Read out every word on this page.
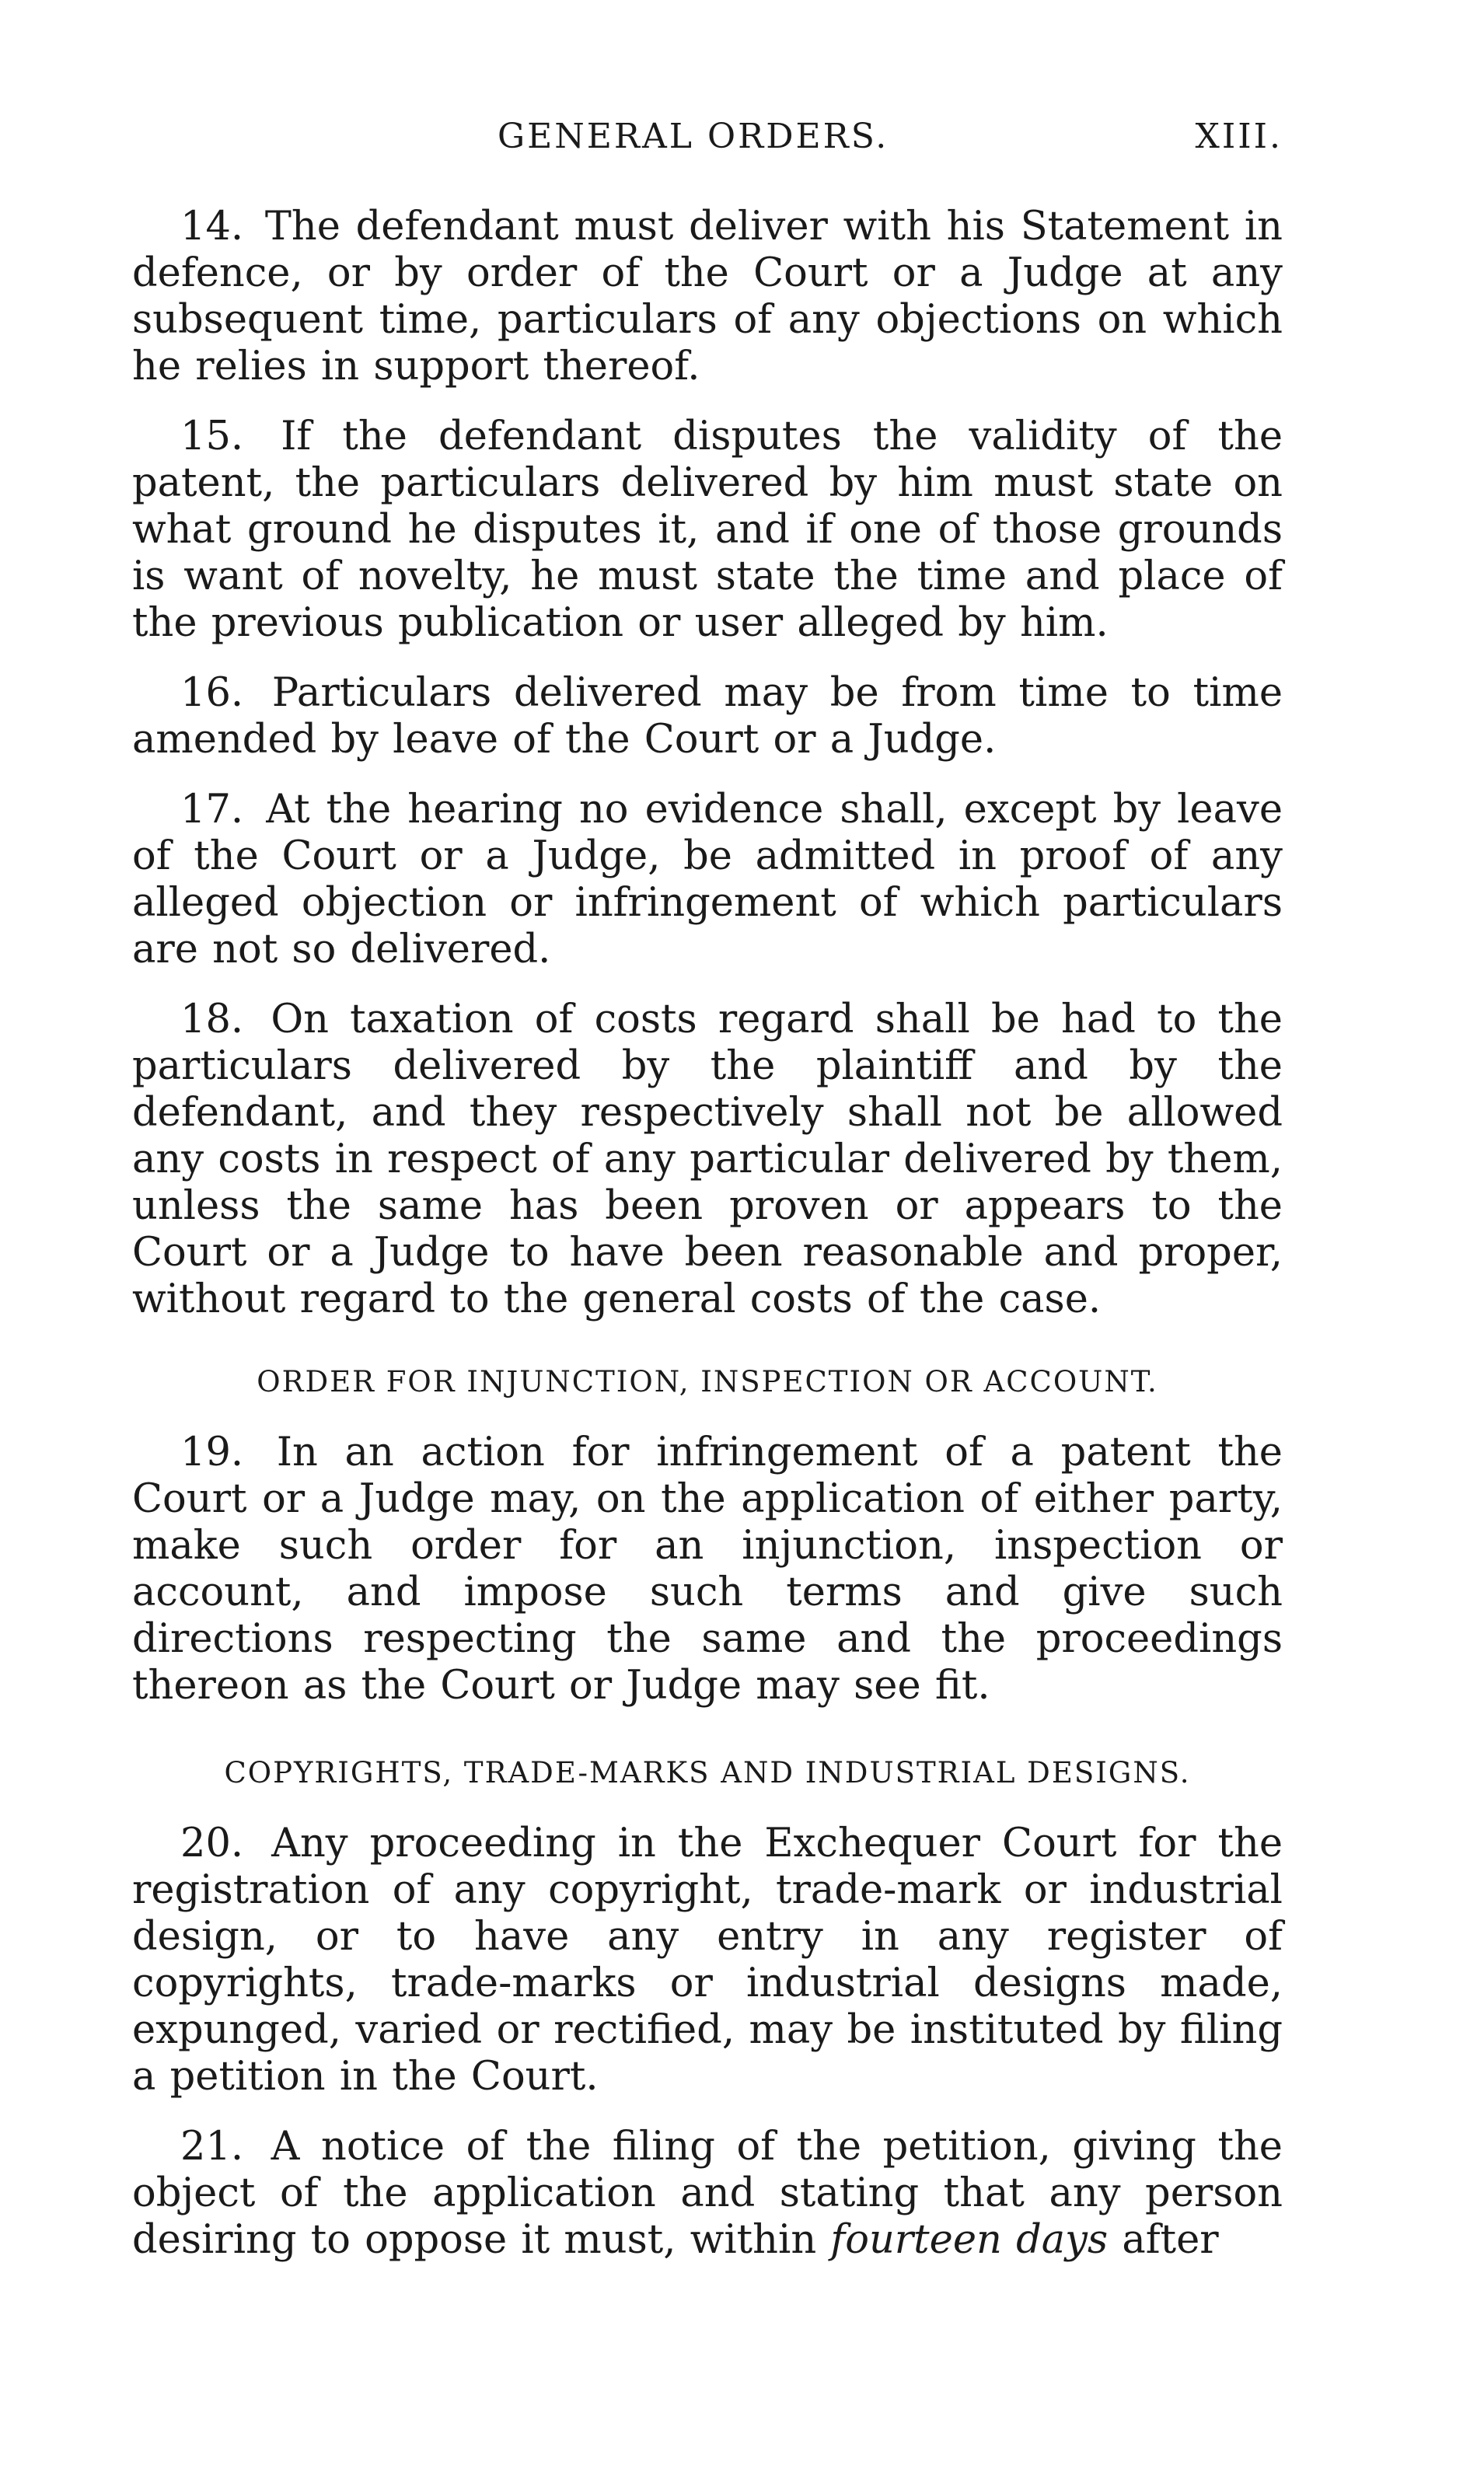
GENERAL ORDERS.	XIII.

14. The defendant must deliver with his Statement in defence, or by order of the Court or a Judge at any subsequent time, particulars of any objections on which he relies in support thereof.

15. If the defendant disputes the validity of the patent, the particulars delivered by him must state on what ground he disputes it, and if one of those grounds is want of novelty, he must state the time and place of the previous publication or user alleged by him.

16. Particulars delivered may be from time to time amended by leave of the Court or a Judge.

17. At the hearing no evidence shall, except by leave of the Court or a Judge, be admitted in proof of any alleged objection or infringement of which particulars are not so delivered.

18. On taxation of costs regard shall be had to the particulars delivered by the plaintiff and by the defendant, and they respectively shall not be allowed any costs in respect of any particular delivered by them, unless the same has been proven or appears to the Court or a Judge to have been reasonable and proper, without regard to the general costs of the case.

ORDER FOR INJUNCTION, INSPECTION OR ACCOUNT.

19. In an action for infringement of a patent the Court or a Judge may, on the application of either party, make such order for an injunction, inspection or account, and impose such terms and give such directions respecting the same and the proceedings thereon as the Court or Judge may see fit.

COPYRIGHTS, TRADE-MARKS AND INDUSTRIAL DESIGNS.

20. Any proceeding in the Exchequer Court for the registration of any copyright, trade-mark or industrial design, or to have any entry in any register of copyrights, trade-marks or industrial designs made, expunged, varied or rectified, may be instituted by filing a petition in the Court.

21. A notice of the filing of the petition, giving the object of the application and stating that any person desiring to oppose it must, within fourteen days after
